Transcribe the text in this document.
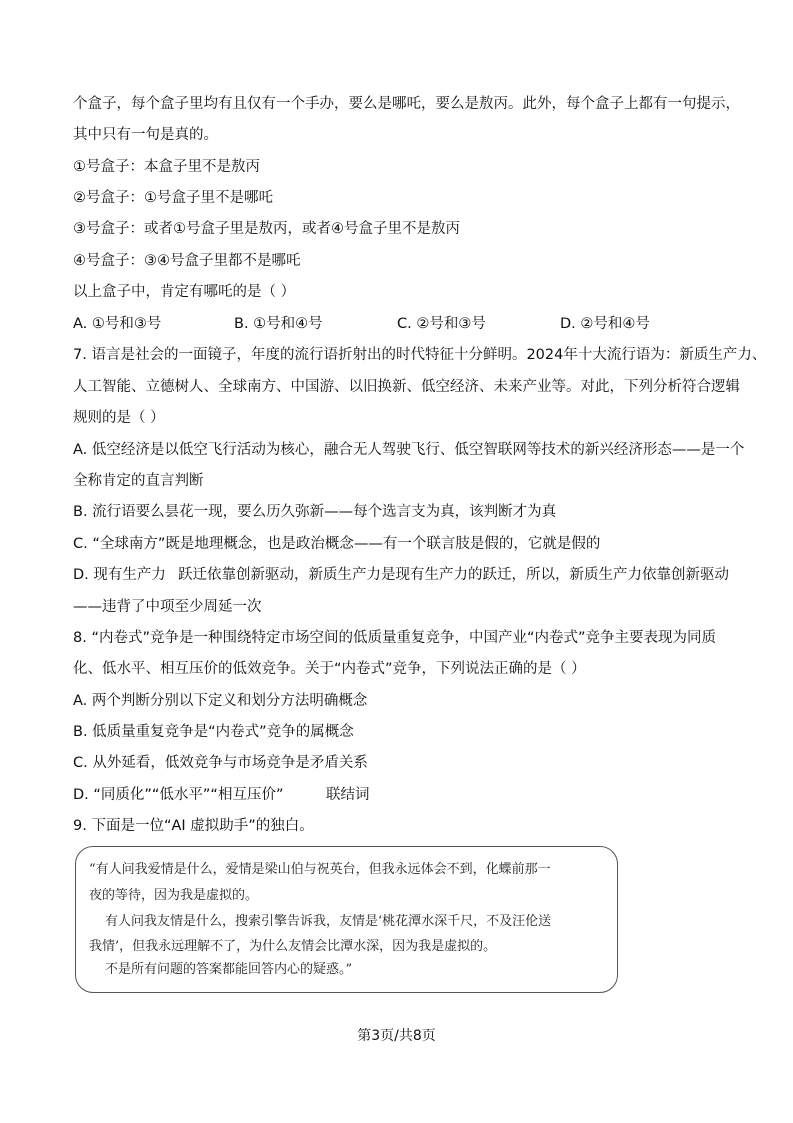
个盒子，每个盒子里均有且仅有一个手办，要么是哪吒，要么是敖丙。此外，每个盒子上都有一句提示，
其中只有一句是真的。
①号盒子：本盒子里不是敖丙
②号盒子：①号盒子里不是哪吒
③号盒子：或者①号盒子里是敖丙，或者④号盒子里不是敖丙
④号盒子：③④号盒子里都不是哪吒
以上盒子中，肯定有哪吒的是（ ）
A. ①号和③号	B. ①号和④号	C. ②号和③号	D. ②号和④号
7. 语言是社会的一面镜子，年度的流行语折射出的时代特征十分鲜明。2024年十大流行语为：新质生产力、
人工智能、立德树人、全球南方、中国游、以旧换新、低空经济、未来产业等。对此，下列分析符合逻辑
规则的是（ ）
A. 低空经济是以低空飞行活动为核心，融合无人驾驶飞行、低空智联网等技术的新兴经济形态——是一个
全称肯定的直言判断
B. 流行语要么昙花一现，要么历久弥新——每个选言支为真，该判断才为真
C. “全球南方”既是地理概念，也是政治概念——有一个联言肢是假的，它就是假的
D. 现有生产力 跃迁依靠创新驱动，新质生产力是现有生产力的跃迁，所以，新质生产力依靠创新驱动
——违背了中项至少周延一次
8. “内卷式”竞争是一种围绕特定市场空间的低质量重复竞争，中国产业“内卷式”竞争主要表现为同质
化、低水平、相互压价的低效竞争。关于“内卷式”竞争，下列说法正确的是（ ）
A. 两个判断分别以下定义和划分方法明确概念
B. 低质量重复竞争是“内卷式”竞争的属概念
C. 从外延看，低效竞争与市场竞争是矛盾关系
D. “同质化”“低水平”“相互压价”	联结词
9. 下面是一位“AI 虚拟助手”的独白。
“有人问我爱情是什么，爱情是梁山伯与祝英台，但我永远体会不到，化蝶前那一
夜的等待，因为我是虚拟的。
有人问我友情是什么，搜索引擎告诉我，友情是‘桃花潭水深千尺，不及汪伦送
我情’，但我永远理解不了，为什么友情会比潭水深，因为我是虚拟的。
不是所有问题的答案都能回答内心的疑惑。”
第3页/共8页
